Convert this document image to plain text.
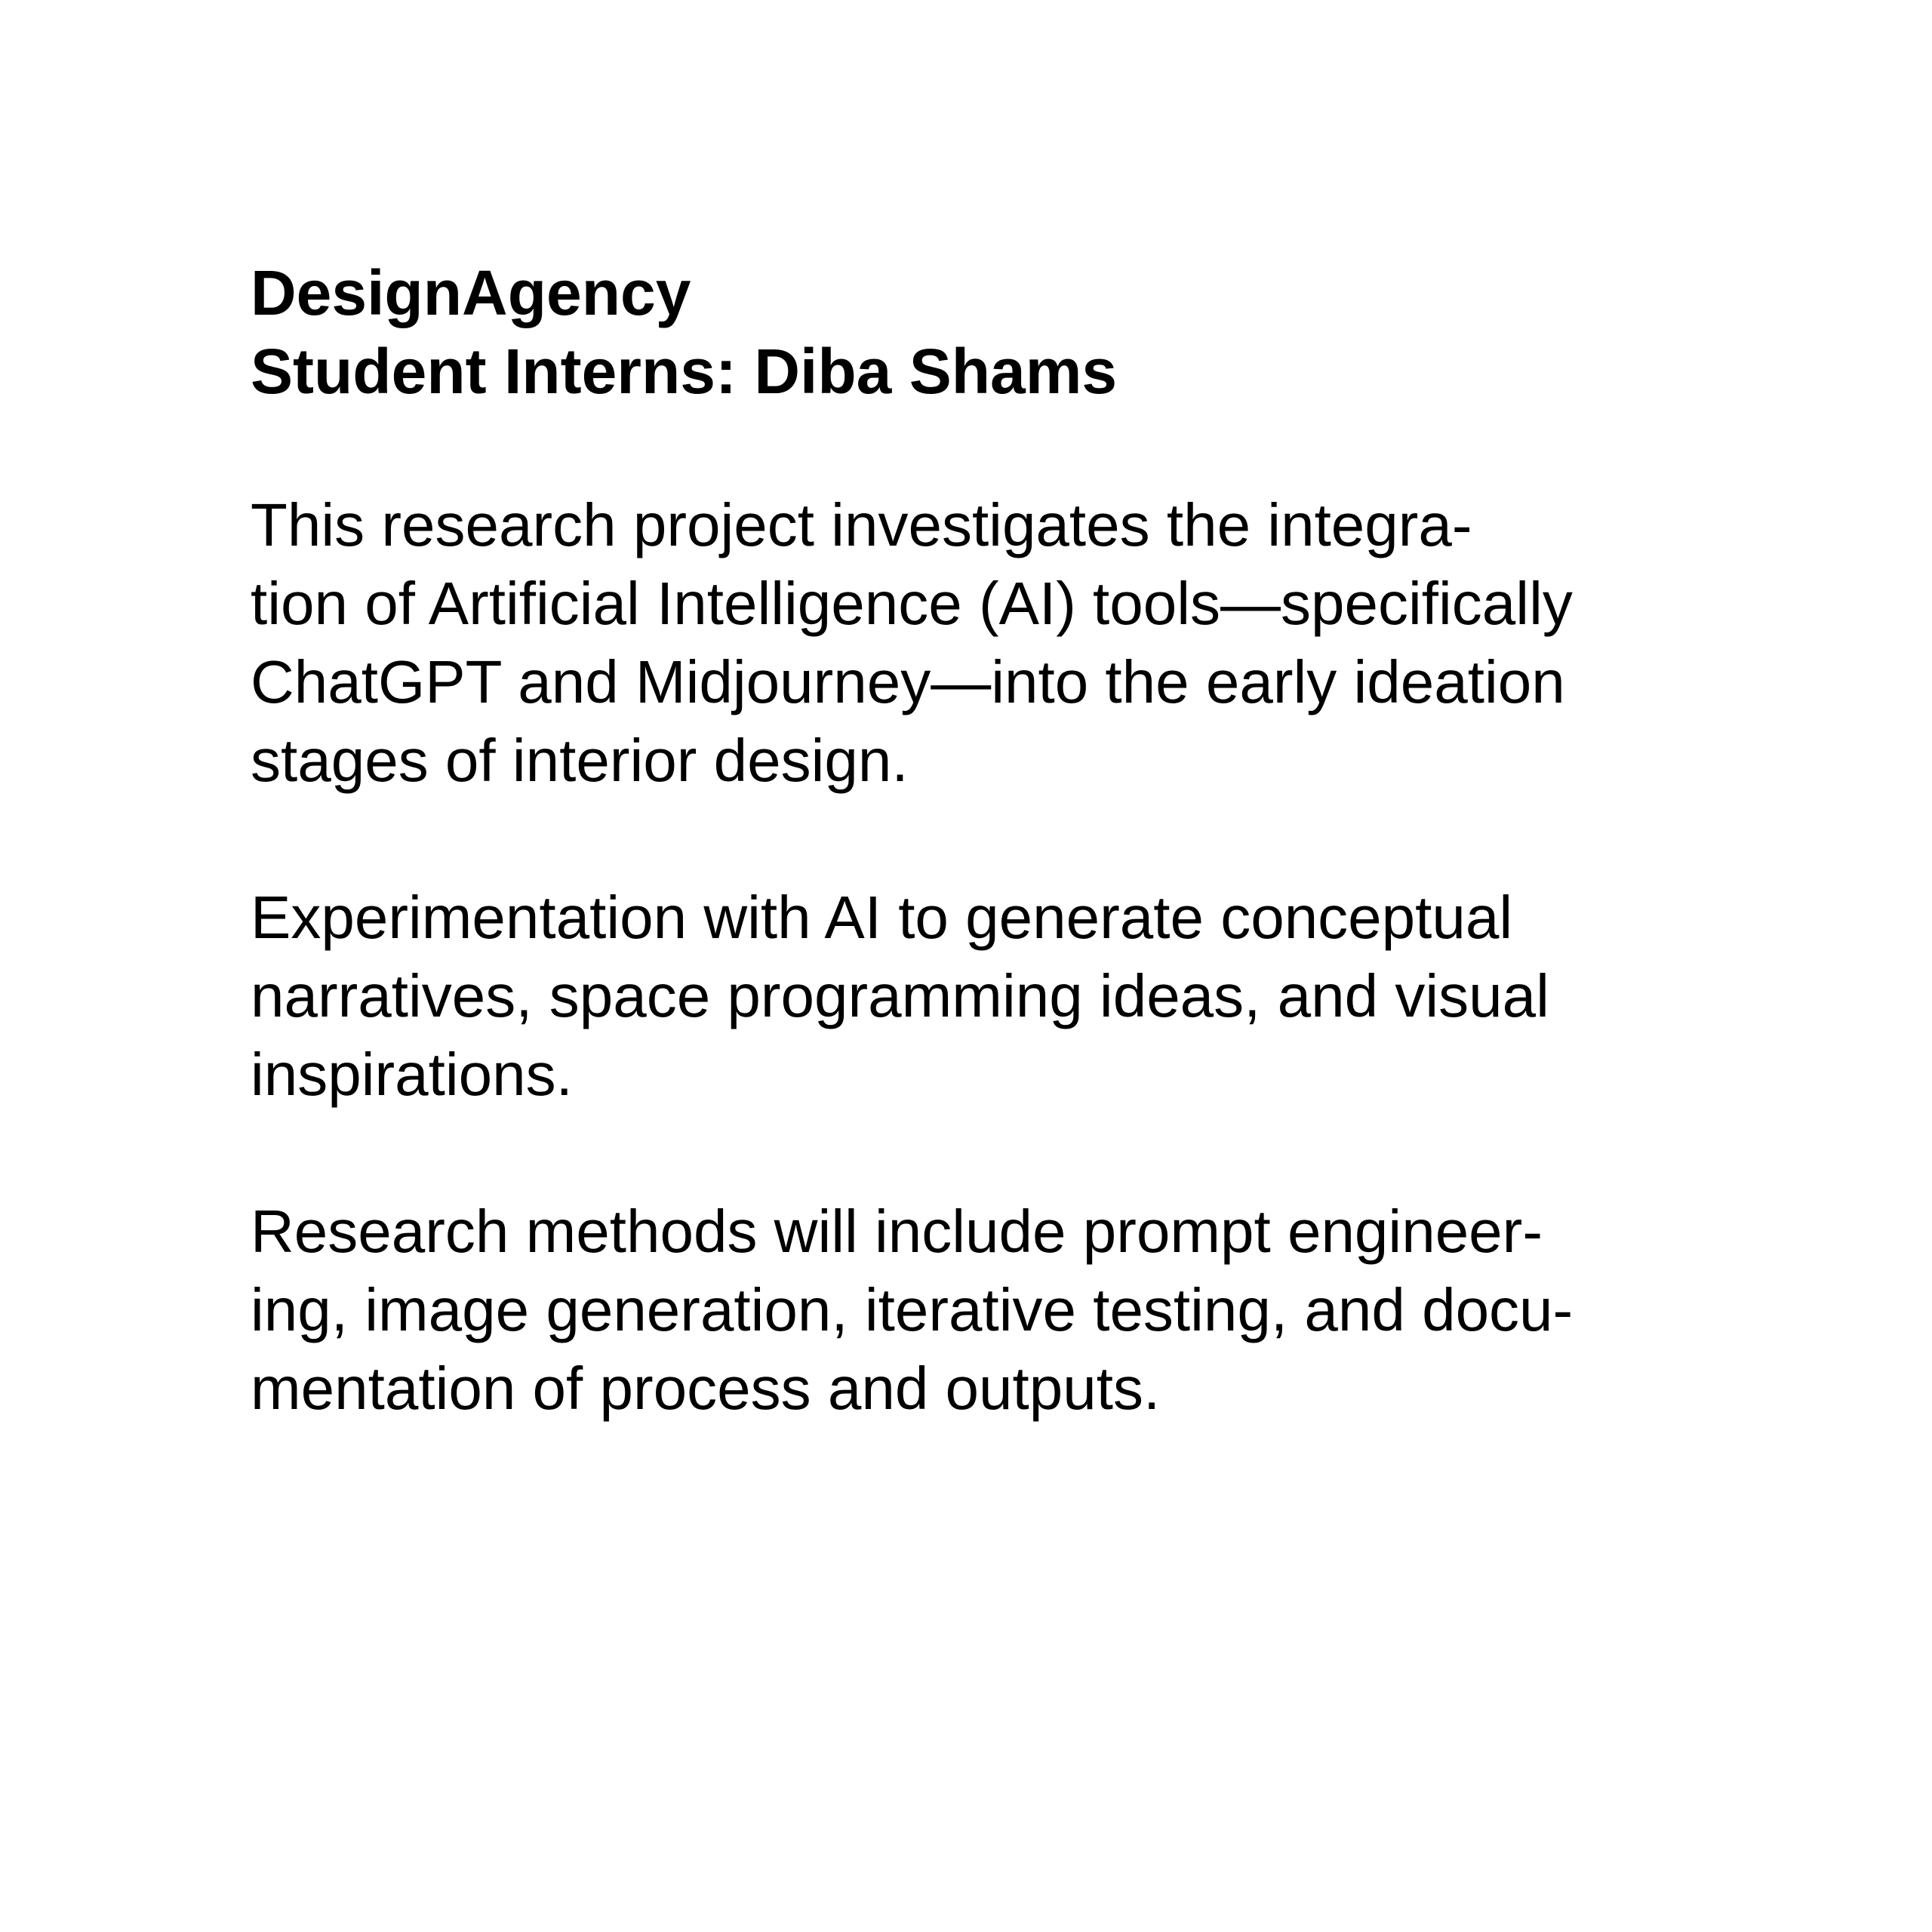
DesignAgency
Student Interns: Diba Shams

This research project investigates the integra-
tion of Artificial Intelligence (AI) tools—specifically
ChatGPT and Midjourney—into the early ideation
stages of interior design.

Experimentation with AI to generate conceptual
narratives, space programming ideas, and visual
inspirations.

Research methods will include prompt engineer-
ing, image generation, iterative testing, and docu-
mentation of process and outputs.
